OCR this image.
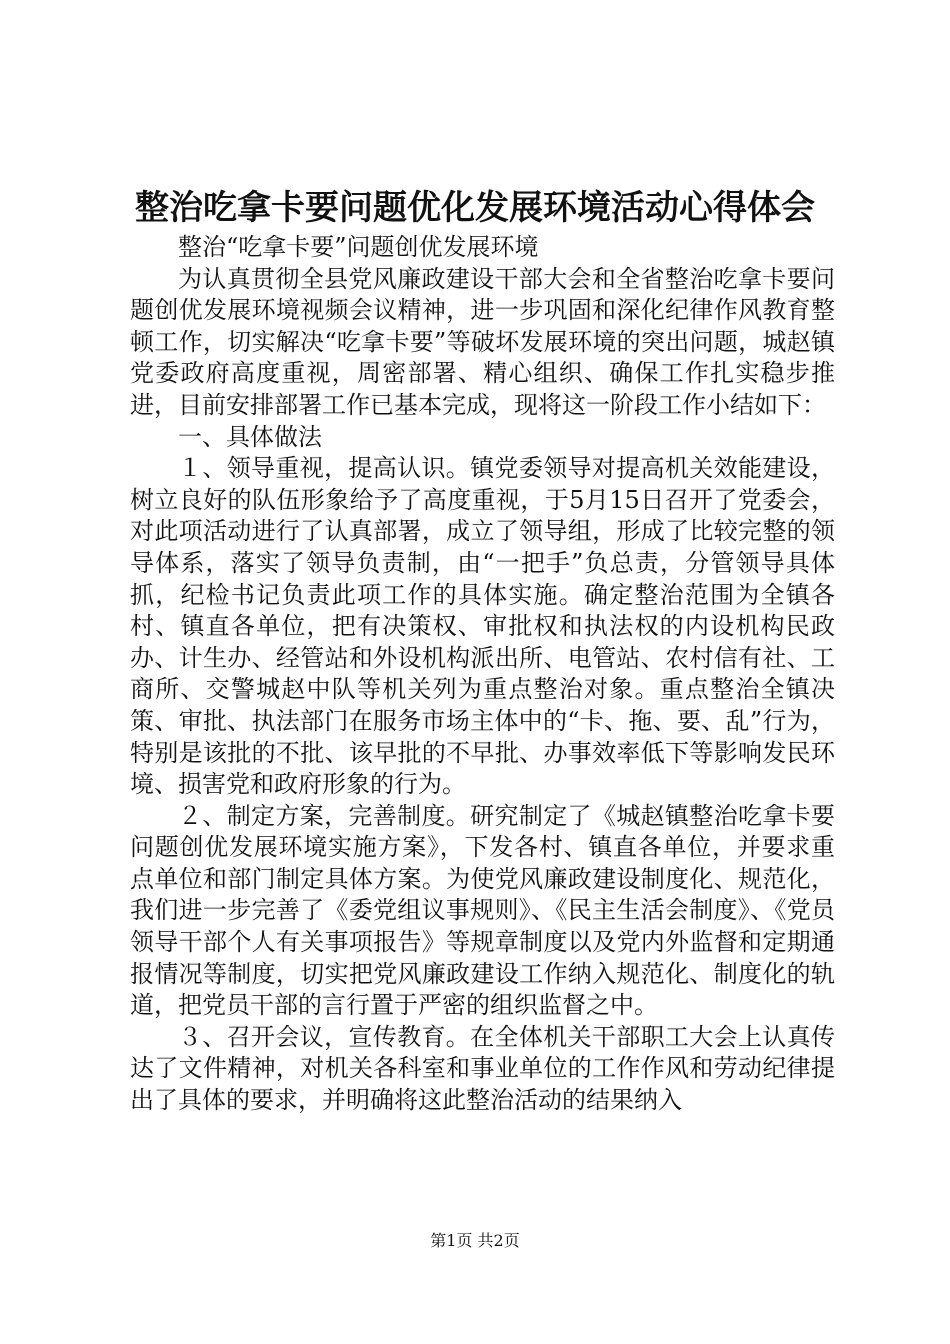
整治吃拿卡要问题优化发展环境活动心得体会

整治“吃拿卡要”问题创优发展环境

为认真贯彻全县党风廉政建设干部大会和全省整治吃拿卡要问题创优发展环境视频会议精神，进一步巩固和深化纪律作风教育整顿工作，切实解决“吃拿卡要”等破坏发展环境的突出问题，城赵镇党委政府高度重视，周密部署、精心组织、确保工作扎实稳步推进，目前安排部署工作已基本完成，现将这一阶段工作小结如下：

一、具体做法

１、领导重视，提高认识。镇党委领导对提高机关效能建设，树立良好的队伍形象给予了高度重视，于5月15日召开了党委会，对此项活动进行了认真部署，成立了领导组，形成了比较完整的领导体系，落实了领导负责制，由“一把手”负总责，分管领导具体抓，纪检书记负责此项工作的具体实施。确定整治范围为全镇各村、镇直各单位，把有决策权、审批权和执法权的内设机构民政办、计生办、经管站和外设机构派出所、电管站、农村信有社、工商所、交警城赵中队等机关列为重点整治对象。重点整治全镇决策、审批、执法部门在服务市场主体中的“卡、拖、要、乱”行为，特别是该批的不批、该早批的不早批、办事效率低下等影响发民环境、损害党和政府形象的行为。

２、制定方案，完善制度。研究制定了《城赵镇整治吃拿卡要问题创优发展环境实施方案》，下发各村、镇直各单位，并要求重点单位和部门制定具体方案。为使党风廉政建设制度化、规范化，我们进一步完善了《委党组议事规则》、《民主生活会制度》、《党员领导干部个人有关事项报告》等规章制度以及党内外监督和定期通报情况等制度，切实把党风廉政建设工作纳入规范化、制度化的轨道，把党员干部的言行置于严密的组织监督之中。

３、召开会议，宣传教育。在全体机关干部职工大会上认真传达了文件精神，对机关各科室和事业单位的工作作风和劳动纪律提出了具体的要求，并明确将这此整治活动的结果纳入

第1页 共2页
